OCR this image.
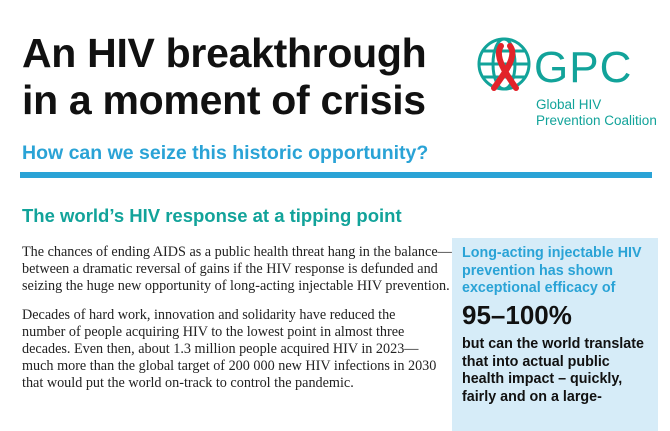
An HIV breakthrough
in a moment of crisis
How can we seize this historic opportunity?
GPC
Global HIV
Prevention Coalition
The world’s HIV response at a tipping point

The chances of ending AIDS as a public health threat hang in the balance—
between a dramatic reversal of gains if the HIV response is defunded and
seizing the huge new opportunity of long-acting injectable HIV prevention.

Decades of hard work, innovation and solidarity have reduced the
number of people acquiring HIV to the lowest point in almost three
decades. Even then, about 1.3 million people acquired HIV in 2023—
much more than the global target of 200 000 new HIV infections in 2030
that would put the world on-track to control the pandemic.

Long-acting injectable HIV
prevention has shown
exceptional efficacy of
95–100%
but can the world translate
that into actual public
health impact – quickly,
fairly and on a large-
